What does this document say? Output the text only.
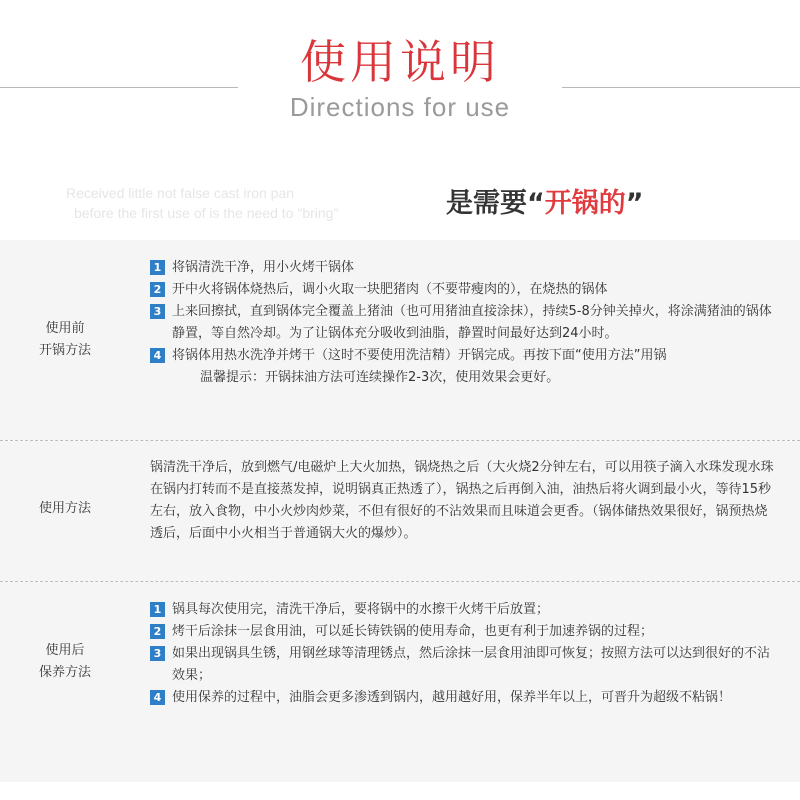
使用说明
Directions for use
Received little not false cast iron pan
before the first use of is the need to "bring"	是需要“开锅的”
使用前
开锅方法
1 将锅清洗干净，用小火烤干锅体
2 开中火将锅体烧热后，调小火取一块肥猪肉（不要带瘦肉的），在烧热的锅体
3 上来回擦拭，直到锅体完全覆盖上猪油（也可用猪油直接涂抹），持续5-8分钟关掉火，将涂满猪油的锅体静置，等自然冷却。为了让锅体充分吸收到油脂，静置时间最好达到24小时。
4 将锅体用热水洗净并烤干（这时不要使用洗洁精）开锅完成。再按下面“使用方法”用锅
温馨提示：开锅抹油方法可连续操作2-3次，使用效果会更好。
使用方法
锅清洗干净后，放到燃气/电磁炉上大火加热，锅烧热之后（大火烧2分钟左右，可以用筷子滴入水珠发现水珠在锅内打转而不是直接蒸发掉，说明锅真正热透了），锅热之后再倒入油，油热后将火调到最小火，等待15秒左右，放入食物，中小火炒肉炒菜，不但有很好的不沾效果而且味道会更香。（锅体储热效果很好，锅预热烧透后，后面中小火相当于普通锅大火的爆炒）。
使用后
保养方法
1 锅具每次使用完，清洗干净后，要将锅中的水擦干火烤干后放置；
2 烤干后涂抹一层食用油，可以延长铸铁锅的使用寿命，也更有利于加速养锅的过程；
3 如果出现锅具生锈，用钢丝球等清理锈点，然后涂抹一层食用油即可恢复；按照方法可以达到很好的不沾效果；
4 使用保养的过程中，油脂会更多渗透到锅内，越用越好用，保养半年以上，可晋升为超级不粘锅！
